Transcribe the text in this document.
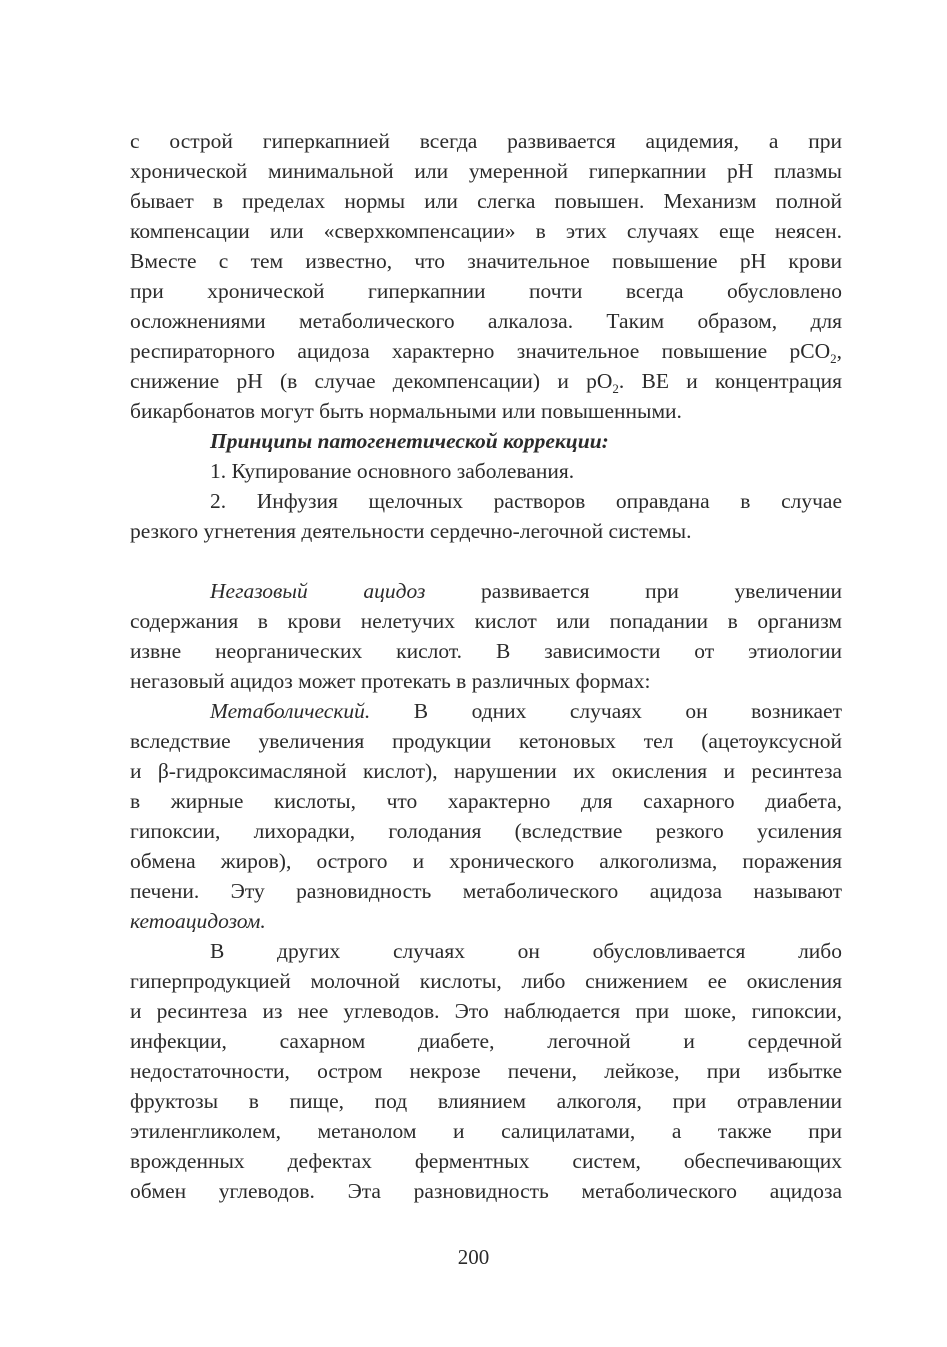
с острой гиперкапнией всегда развивается ацидемия, а при
хронической минимальной или умеренной гиперкапнии pH плазмы
бывает в пределах нормы или слегка повышен. Механизм полной
компенсации или «сверхкомпенсации» в этих случаях еще неясен.
Вместе с тем известно, что значительное повышение pH крови
при хронической гиперкапнии почти всегда обусловлено
осложнениями метаболического алкалоза. Таким образом, для
респираторного ацидоза характерно значительное повышение pCO$_2$,
снижение pH (в случае декомпенсации) и $pO_2$. BE и концентрация
бикарбонатов могут быть нормальными или повышенными.
Принципы патогенетической коррекции:
1. Купирование основного заболевания.
2. Инфузия щелочных растворов оправдана в случае
резкого угнетения деятельности сердечно-легочной системы.
Негазовый ацидоз развивается при увеличении
содержания в крови нелетучих кислот или попадании в организм
извне неорганических кислот. В зависимости от этиологии
негазовый ацидоз может протекать в различных формах:
Метаболический. В одних случаях он возникает
вследствие увеличения продукции кетоновых тел (ацетоуксусной
и β-гидроксимасляной кислот), нарушении их окисления и ресинтеза
в жирные кислоты, что характерно для сахарного диабета,
гипоксии, лихорадки, голодания (вследствие резкого усиления
обмена жиров), острого и хронического алкоголизма, поражения
печени. Эту разновидность метаболического ацидоза называют
кетоацидозом.
В других случаях он обусловливается либо
гиперпродукцией молочной кислоты, либо снижением ее окисления
и ресинтеза из нее углеводов. Это наблюдается при шоке, гипоксии,
инфекции, сахарном диабете, легочной и сердечной
недостаточности, остром некрозе печени, лейкозе, при избытке
фруктозы в пище, под влиянием алкоголя, при отравлении
этиленгликолем, метанолом и салицилатами, а также при
врожденных дефектах ферментных систем, обеспечивающих
обмен углеводов. Эта разновидность метаболического ацидоза
200
